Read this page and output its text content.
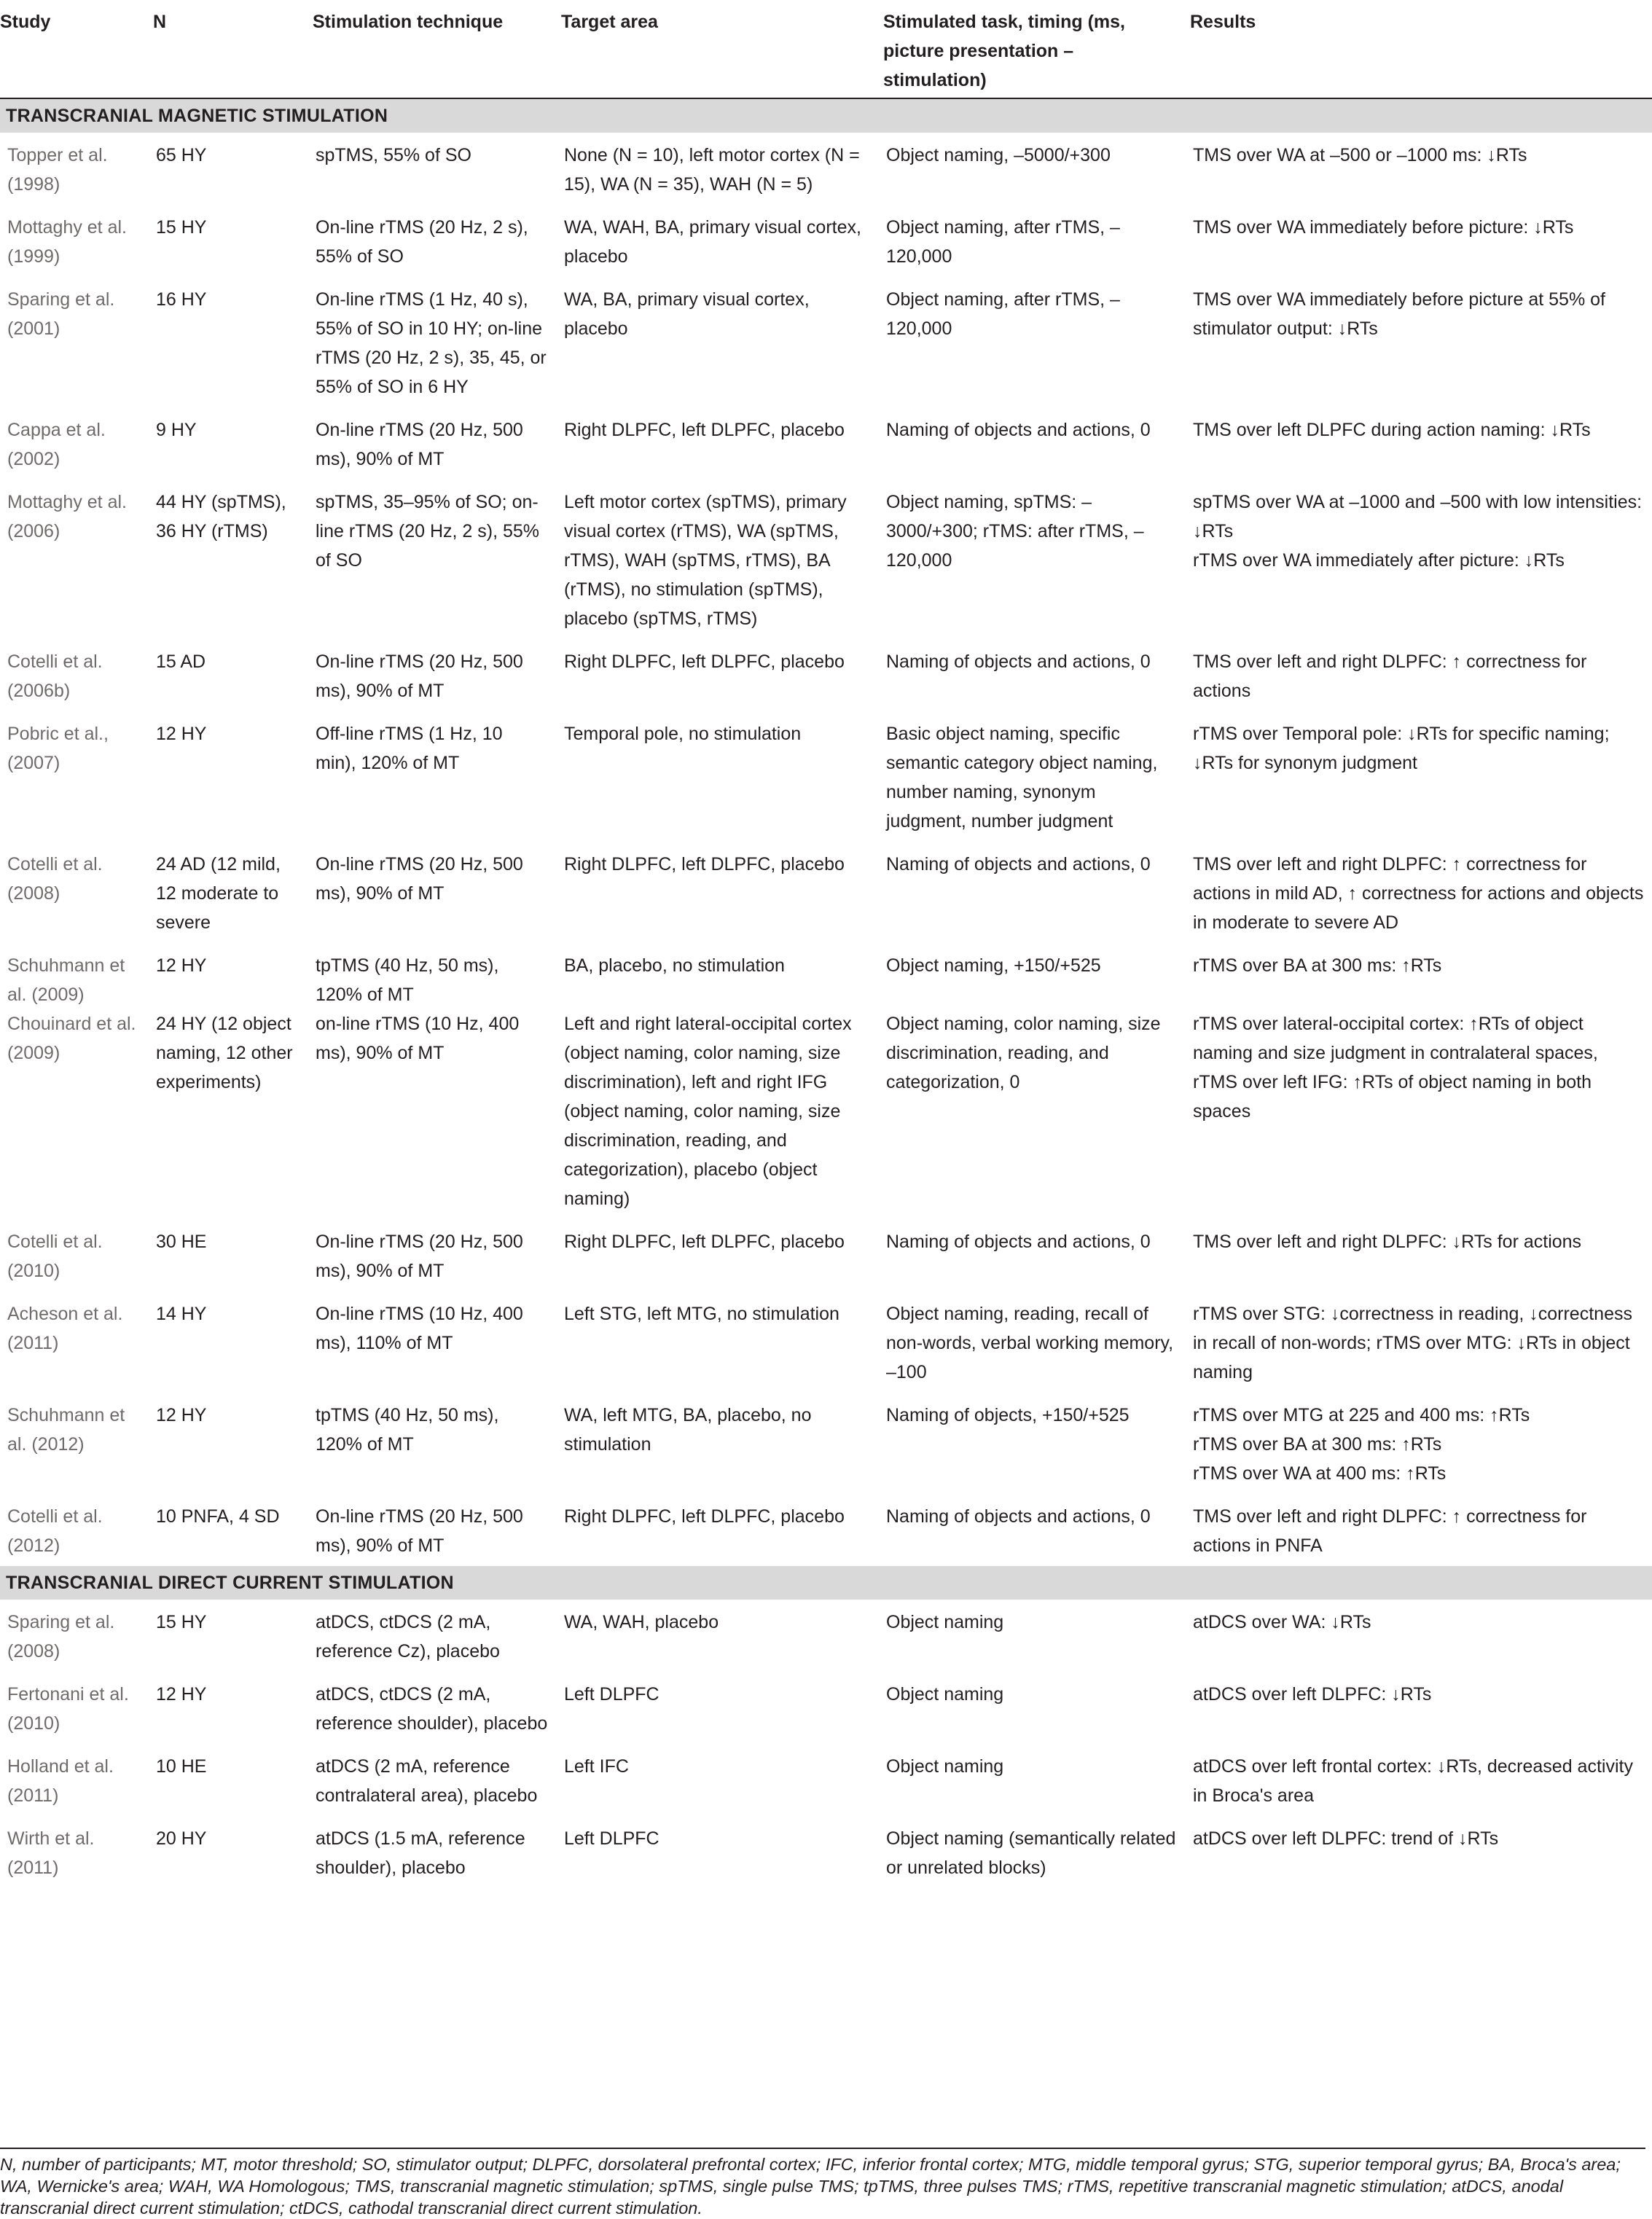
Study	N	Stimulation technique	Target area	Stimulated task, timing (ms, picture presentation – stimulation)	Results
TRANSCRANIAL MAGNETIC STIMULATION					
Topper et al. (1998)	65 HY	spTMS, 55% of SO	None (N = 10), left motor cortex (N = 15), WA (N = 35), WAH (N = 5)	Object naming, –5000/+300	TMS over WA at –500 or –1000 ms: ↓RTs
Mottaghy et al. (1999)	15 HY	On-line rTMS (20 Hz, 2 s), 55% of SO	WA, WAH, BA, primary visual cortex, placebo	Object naming, after rTMS, –120,000	TMS over WA immediately before picture: ↓RTs
Sparing et al. (2001)	16 HY	On-line rTMS (1 Hz, 40 s), 55% of SO in 10 HY; on-line rTMS (20 Hz, 2 s), 35, 45, or 55% of SO in 6 HY	WA, BA, primary visual cortex, placebo	Object naming, after rTMS, –120,000	TMS over WA immediately before picture at 55% of stimulator output: ↓RTs
Cappa et al. (2002)	9 HY	On-line rTMS (20 Hz, 500 ms), 90% of MT	Right DLPFC, left DLPFC, placebo	Naming of objects and actions, 0	TMS over left DLPFC during action naming: ↓RTs
Mottaghy et al. (2006)	44 HY (spTMS), 36 HY (rTMS)	spTMS, 35–95% of SO; on-line rTMS (20 Hz, 2 s), 55% of SO	Left motor cortex (spTMS), primary visual cortex (rTMS), WA (spTMS, rTMS), WAH (spTMS, rTMS), BA (rTMS), no stimulation (spTMS), placebo (spTMS, rTMS)	Object naming, spTMS: –3000/+300; rTMS: after rTMS, –120,000	spTMS over WA at –1000 and –500 with low intensities: ↓RTs
rTMS over WA immediately after picture: ↓RTs

Cotelli et al. (2006b)	15 AD	On-line rTMS (20 Hz, 500 ms), 90% of MT	Right DLPFC, left DLPFC, placebo	Naming of objects and actions, 0	TMS over left and right DLPFC: ↑ correctness for actions
Pobric et al., (2007)	12 HY	Off-line rTMS (1 Hz, 10 min), 120% of MT	Temporal pole, no stimulation	Basic object naming, specific semantic category object naming, number naming, synonym judgment, number judgment	rTMS over Temporal pole: ↓RTs for specific naming; ↓RTs for synonym judgment
Cotelli et al. (2008)	24 AD (12 mild, 12 moderate to severe	On-line rTMS (20 Hz, 500 ms), 90% of MT	Right DLPFC, left DLPFC, placebo	Naming of objects and actions, 0	TMS over left and right DLPFC: ↑ correctness for actions in mild AD, ↑ correctness for actions and objects in moderate to severe AD
Schuhmann et al. (2009)	12 HY	tpTMS (40 Hz, 50 ms), 120% of MT	BA, placebo, no stimulation	Object naming, +150/+525	rTMS over BA at 300 ms: ↑RTs
Chouinard et al. (2009)	24 HY (12 object naming, 12 other experiments)	on-line rTMS (10 Hz, 400 ms), 90% of MT	Left and right lateral-occipital cortex (object naming, color naming, size discrimination), left and right IFG (object naming, color naming, size discrimination, reading, and categorization), placebo (object naming)	Object naming, color naming, size discrimination, reading, and categorization, 0	rTMS over lateral-occipital cortex: ↑RTs of object naming and size judgment in contralateral spaces, rTMS over left IFG: ↑RTs of object naming in both spaces
Cotelli et al. (2010)	30 HE	On-line rTMS (20 Hz, 500 ms), 90% of MT	Right DLPFC, left DLPFC, placebo	Naming of objects and actions, 0	TMS over left and right DLPFC: ↓RTs for actions
Acheson et al. (2011)	14 HY	On-line rTMS (10 Hz, 400 ms), 110% of MT	Left STG, left MTG, no stimulation	Object naming, reading, recall of non-words, verbal working memory, –100	rTMS over STG: ↓correctness in reading, ↓correctness in recall of non-words; rTMS over MTG: ↓RTs in object naming
Schuhmann et al. (2012)	12 HY	tpTMS (40 Hz, 50 ms), 120% of MT	WA, left MTG, BA, placebo, no stimulation	Naming of objects, +150/+525	rTMS over MTG at 225 and 400 ms: ↑RTs
rTMS over BA at 300 ms: ↑RTs
rTMS over WA at 400 ms: ↑RTs

Cotelli et al. (2012)	10 PNFA, 4 SD	On-line rTMS (20 Hz, 500 ms), 90% of MT	Right DLPFC, left DLPFC, placebo	Naming of objects and actions, 0	TMS over left and right DLPFC: ↑ correctness for actions in PNFA
TRANSCRANIAL DIRECT CURRENT STIMULATION					
Sparing et al. (2008)	15 HY	atDCS, ctDCS (2 mA, reference Cz), placebo	WA, WAH, placebo	Object naming	atDCS over WA: ↓RTs
Fertonani et al. (2010)	12 HY	atDCS, ctDCS (2 mA, reference shoulder), placebo	Left DLPFC	Object naming	atDCS over left DLPFC: ↓RTs
Holland et al. (2011)	10 HE	atDCS (2 mA, reference contralateral area), placebo	Left IFC	Object naming	atDCS over left frontal cortex: ↓RTs, decreased activity in Broca's area
Wirth et al. (2011)	20 HY	atDCS (1.5 mA, reference shoulder), placebo	Left DLPFC	Object naming (semantically related or unrelated blocks)	atDCS over left DLPFC: trend of ↓RTs
N, number of participants; MT, motor threshold; SO, stimulator output; DLPFC, dorsolateral prefrontal cortex; IFC, inferior frontal cortex; MTG, middle temporal gyrus; STG, superior temporal gyrus; BA, Broca's area; WA, Wernicke's area; WAH, WA Homologous; TMS, transcranial magnetic stimulation; spTMS, single pulse TMS; tpTMS, three pulses TMS; rTMS, repetitive transcranial magnetic stimulation; atDCS, anodal transcranial direct current stimulation; ctDCS, cathodal transcranial direct current stimulation.
